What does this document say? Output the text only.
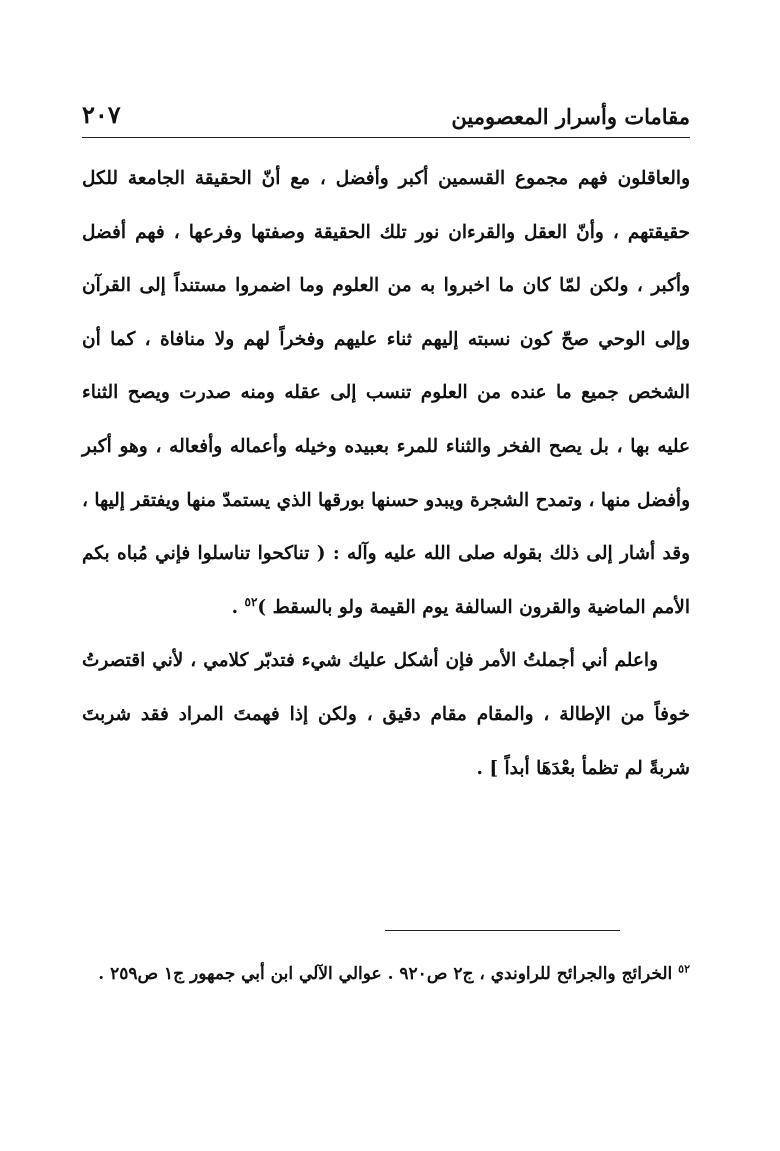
مقامات وأسرار المعصومين
٢٠٧

والعاقلون فهم مجموع القسمين أكبر وأفضل ، مع أنّ الحقيقة الجامعة للكل حقيقتهم ، وأنّ العقل والقرءان نور تلك الحقيقة وصفتها وفرعها ، فهم أفضل وأكبر ، ولكن لمّا كان ما اخبروا به من العلوم وما اضمروا مستنداً إلى القرآن وإلى الوحي صحّ كون نسبته إليهم ثناء عليهم وفخراً لهم ولا منافاة ، كما أن الشخص جميع ما عنده من العلوم تنسب إلى عقله ومنه صدرت ويصح الثناء عليه بها ، بل يصح الفخر والثناء للمرء بعبيده وخيله وأعماله وأفعاله ، وهو أكبر وأفضل منها ، وتمدح الشجرة ويبدو حسنها بورقها الذي يستمدّ منها ويفتقر إليها ، وقد أشار إلى ذلك بقوله صلى الله عليه وآله : ( تناكحوا تناسلوا فإني مُباه بكم الأمم الماضية والقرون السالفة يوم القيمة ولو بالسقط )$^{٥٢}$ .

واعلم أني أجملتُ الأمر فإن أشكل عليك شيء فتدبّر كلامي ، لأني اقتصرتُ خوفاً من الإطالة ، والمقام مقام دقيق ، ولكن إذا فهمتَ المراد فقد شربتَ شربةً لم تظمأ بعْدَهَا أبداً ] .

$^{٥٢}$ الخرائج والجرائح للراوندي ، ج٢ ص٩٢٠ . عوالي الآلي ابن أبي جمهور ج١ ص٢٥٩ .
